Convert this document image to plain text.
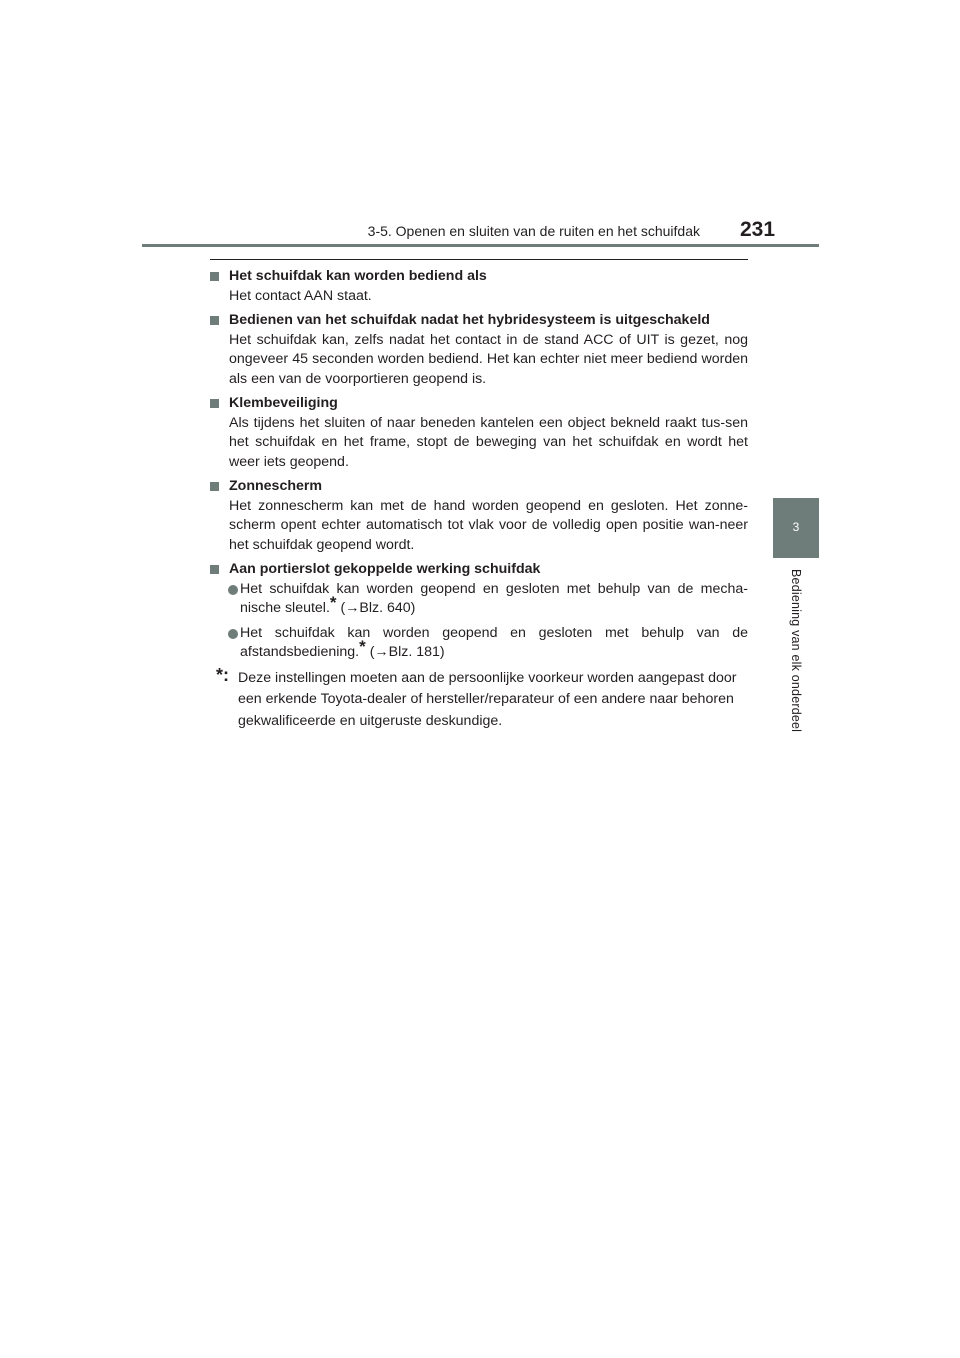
3-5. Openen en sluiten van de ruiten en het schuifdak 231
3
Bediening van elk onderdeel
Het schuifdak kan worden bediend als
Het contact AAN staat.
Bedienen van het schuifdak nadat het hybridesysteem is uitgeschakeld
Het schuifdak kan, zelfs nadat het contact in de stand ACC of UIT is gezet, nog ongeveer 45 seconden worden bediend. Het kan echter niet meer bediend worden als een van de voorportieren geopend is.
Klembeveiliging
Als tijdens het sluiten of naar beneden kantelen een object bekneld raakt tus-sen het schuifdak en het frame, stopt de beweging van het schuifdak en wordt het weer iets geopend.
Zonnescherm
Het zonnescherm kan met de hand worden geopend en gesloten. Het zonne-scherm opent echter automatisch tot vlak voor de volledig open positie wan-neer het schuifdak geopend wordt.
Aan portierslot gekoppelde werking schuifdak
Het schuifdak kan worden geopend en gesloten met behulp van de mecha-nische sleutel.* (→Blz. 640)
Het schuifdak kan worden geopend en gesloten met behulp van de afstandsbediening.* (→Blz. 181)
*: Deze instellingen moeten aan de persoonlijke voorkeur worden aangepast door een erkende Toyota-dealer of hersteller/reparateur of een andere naar behoren gekwalificeerde en uitgeruste deskundige.
